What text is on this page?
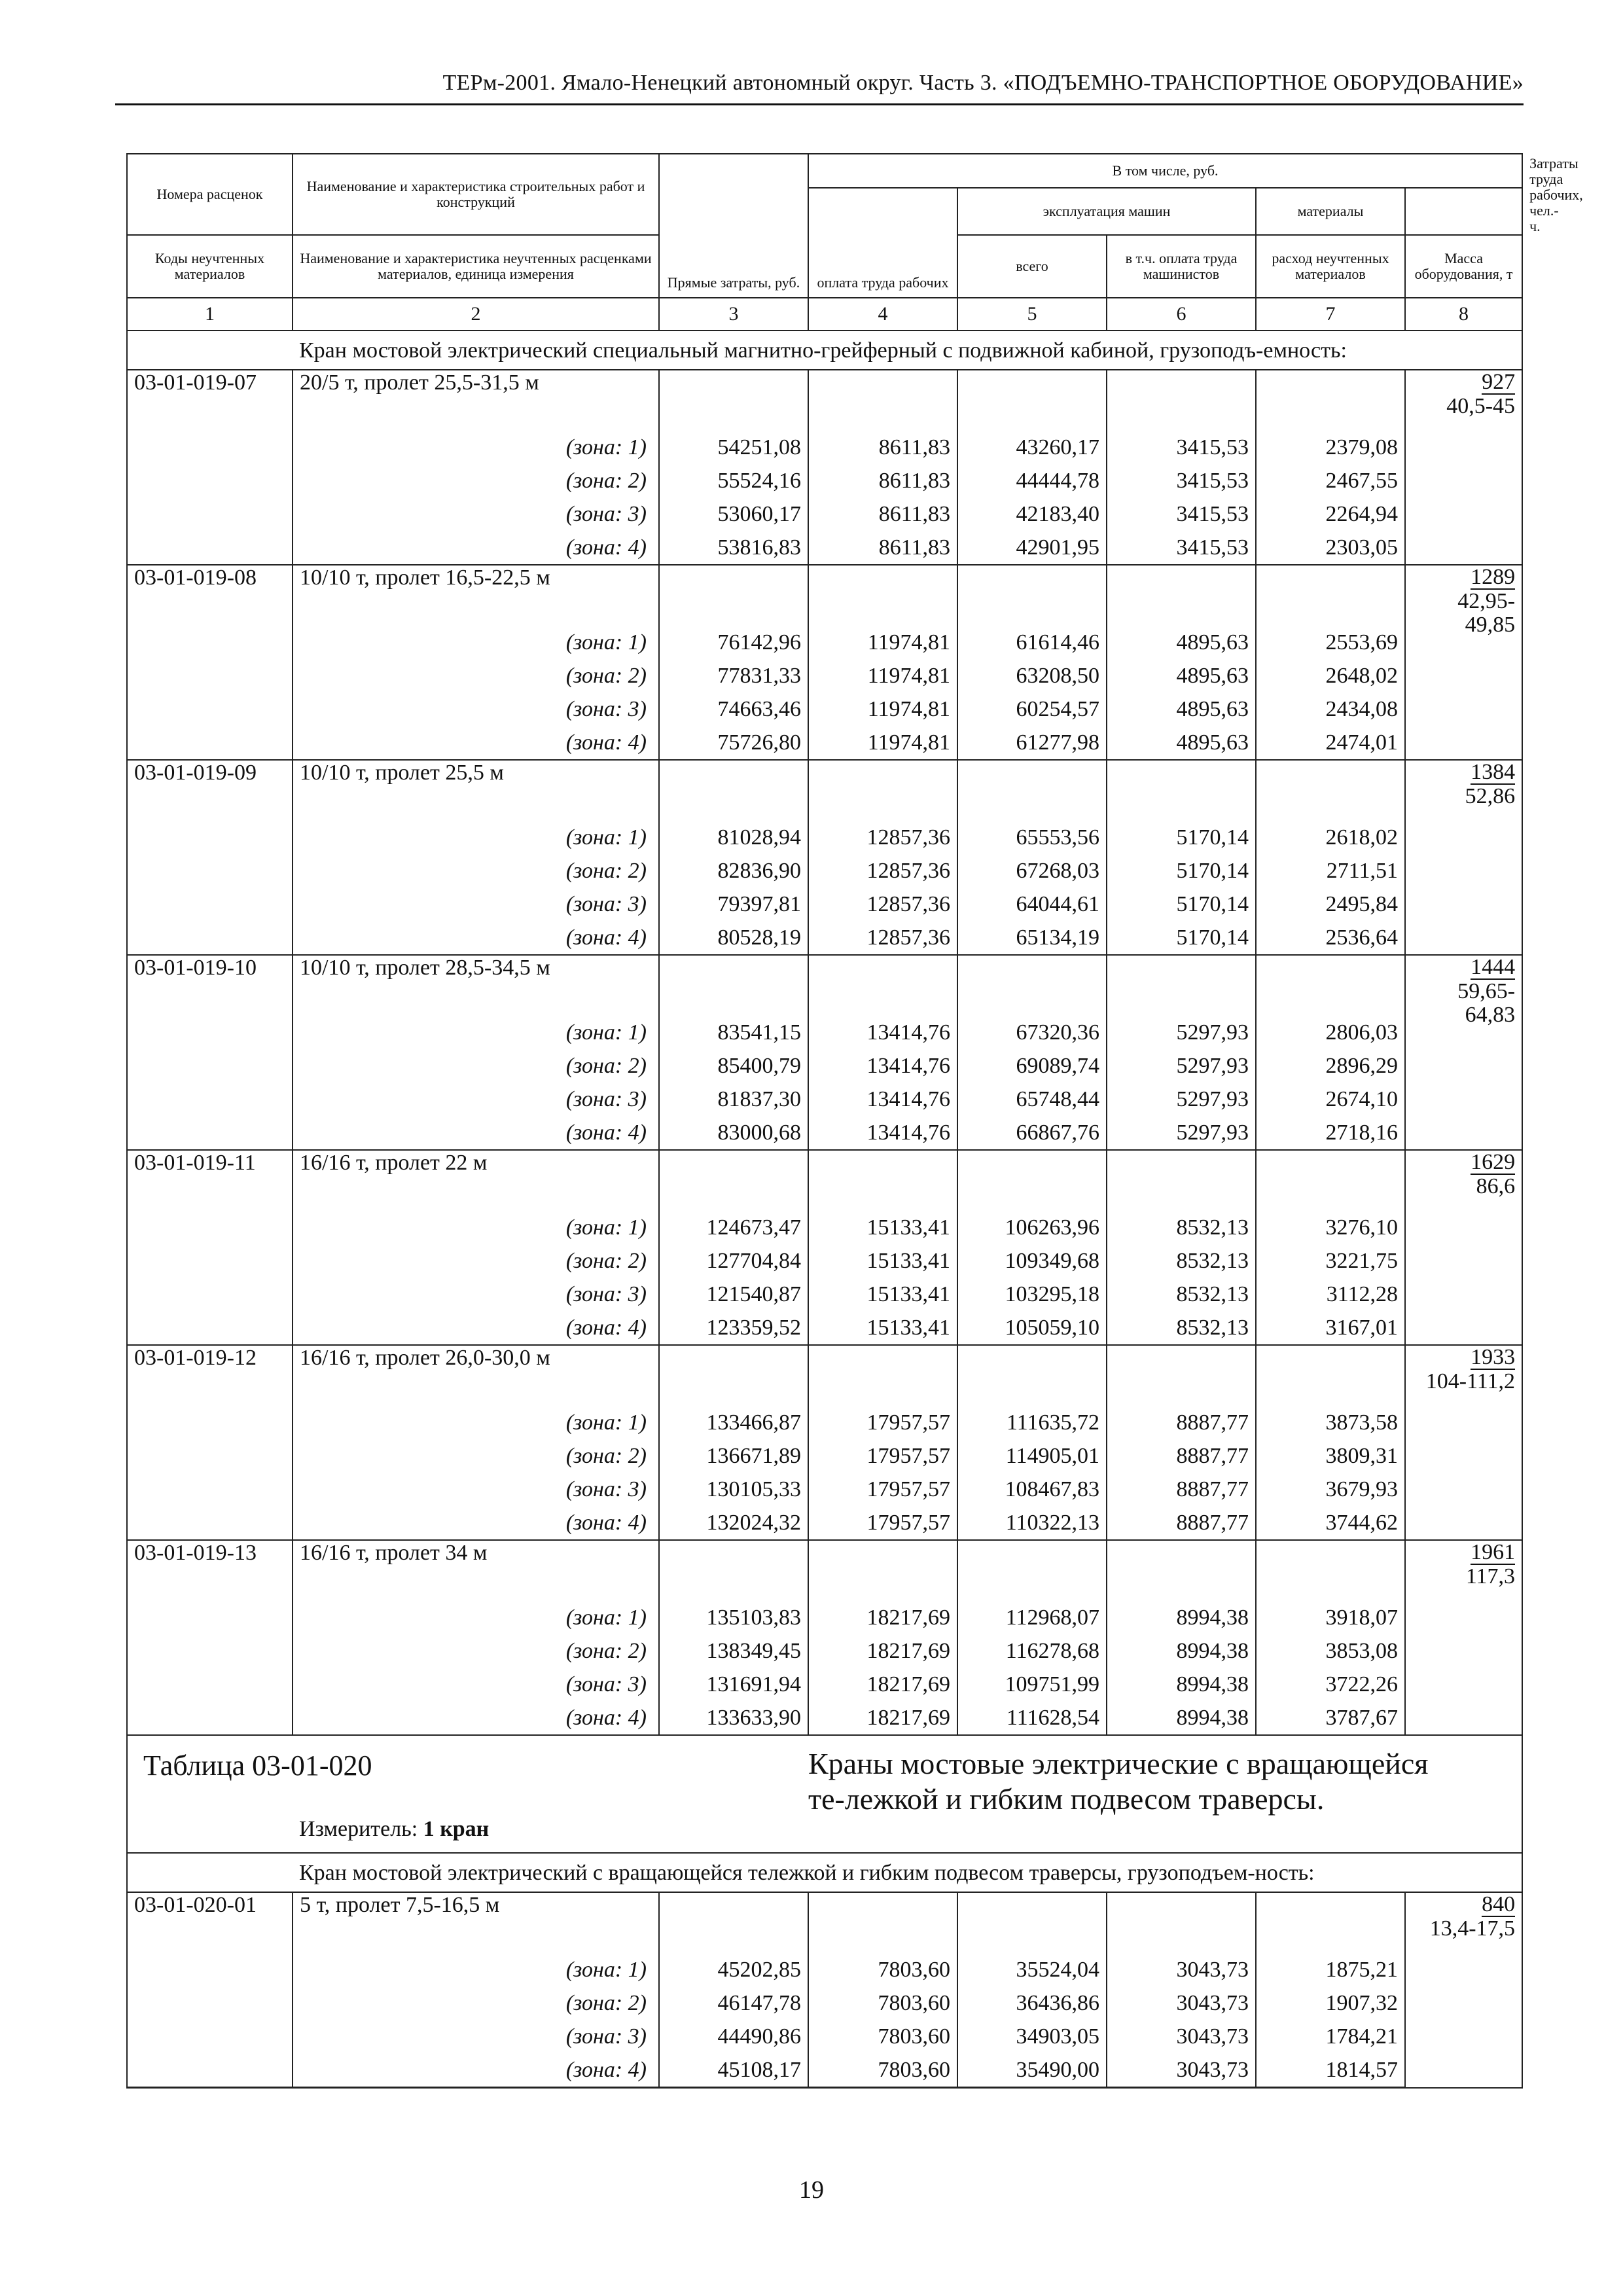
ТЕРм-2001. Ямало-Ненецкий автономный округ. Часть 3. «ПОДЪЕМНО-ТРАНСПОРТНОЕ ОБОРУДОВАНИЕ»
Номера расценок	Наименование и характеристика строительных работ и конструкций	Прямые затраты, руб.	В том числе, руб.					Затраты труда рабочих, чел.-ч.
			оплата труда рабочих	эксплуатация машин		материалы		
Коды неучтенных материалов	Наименование и характеристика неучтенных расценками материалов, единица измерения			всего	в т.ч. оплата труда машинистов	расход неучтенных материалов	Масса оборудования, т	
1	2	3	4	5	6	7	8	
	Кран мостовой электрический специальный магнитно-грейферный с подвижной кабиной, грузоподъ-емность:							
03-01-019-07	20/5 т, пролет 25,5-31,5 м						927
40,5-45	
	(зона: 1)	54251,08	8611,83	43260,17	3415,53	2379,08		
	(зона: 2)	55524,16	8611,83	44444,78	3415,53	2467,55		
	(зона: 3)	53060,17	8611,83	42183,40	3415,53	2264,94		
	(зона: 4)	53816,83	8611,83	42901,95	3415,53	2303,05		
03-01-019-08	10/10 т, пролет 16,5-22,5 м						1289
42,95-49,85	
	(зона: 1)	76142,96	11974,81	61614,46	4895,63	2553,69		
	(зона: 2)	77831,33	11974,81	63208,50	4895,63	2648,02		
	(зона: 3)	74663,46	11974,81	60254,57	4895,63	2434,08		
	(зона: 4)	75726,80	11974,81	61277,98	4895,63	2474,01		
03-01-019-09	10/10 т, пролет 25,5 м						1384
52,86	
	(зона: 1)	81028,94	12857,36	65553,56	5170,14	2618,02		
	(зона: 2)	82836,90	12857,36	67268,03	5170,14	2711,51		
	(зона: 3)	79397,81	12857,36	64044,61	5170,14	2495,84		
	(зона: 4)	80528,19	12857,36	65134,19	5170,14	2536,64		
03-01-019-10	10/10 т, пролет 28,5-34,5 м						1444
59,65-64,83	
	(зона: 1)	83541,15	13414,76	67320,36	5297,93	2806,03		
	(зона: 2)	85400,79	13414,76	69089,74	5297,93	2896,29		
	(зона: 3)	81837,30	13414,76	65748,44	5297,93	2674,10		
	(зона: 4)	83000,68	13414,76	66867,76	5297,93	2718,16		
03-01-019-11	16/16 т, пролет 22 м						1629
86,6	
	(зона: 1)	124673,47	15133,41	106263,96	8532,13	3276,10		
	(зона: 2)	127704,84	15133,41	109349,68	8532,13	3221,75		
	(зона: 3)	121540,87	15133,41	103295,18	8532,13	3112,28		
	(зона: 4)	123359,52	15133,41	105059,10	8532,13	3167,01		
03-01-019-12	16/16 т, пролет 26,0-30,0 м						1933
104-111,2	
	(зона: 1)	133466,87	17957,57	111635,72	8887,77	3873,58		
	(зона: 2)	136671,89	17957,57	114905,01	8887,77	3809,31		
	(зона: 3)	130105,33	17957,57	108467,83	8887,77	3679,93		
	(зона: 4)	132024,32	17957,57	110322,13	8887,77	3744,62		
03-01-019-13	16/16 т, пролет 34 м						1961
117,3	
	(зона: 1)	135103,83	18217,69	112968,07	8994,38	3918,07		
	(зона: 2)	138349,45	18217,69	116278,68	8994,38	3853,08		
	(зона: 3)	131691,94	18217,69	109751,99	8994,38	3722,26		
	(зона: 4)	133633,90	18217,69	111628,54	8994,38	3787,67		
Таблица 03-01-020			Краны мостовые электрические с вращающейся те-лежкой и гибким подвесом траверсы.					
	Измеритель: 1 кран							
	Кран мостовой электрический с вращающейся тележкой и гибким подвесом траверсы, грузоподъем-ность:							
03-01-020-01	5 т, пролет 7,5-16,5 м						840
13,4-17,5	
	(зона: 1)	45202,85	7803,60	35524,04	3043,73	1875,21		
	(зона: 2)	46147,78	7803,60	36436,86	3043,73	1907,32		
	(зона: 3)	44490,86	7803,60	34903,05	3043,73	1784,21		
	(зона: 4)	45108,17	7803,60	35490,00	3043,73	1814,57		
19
